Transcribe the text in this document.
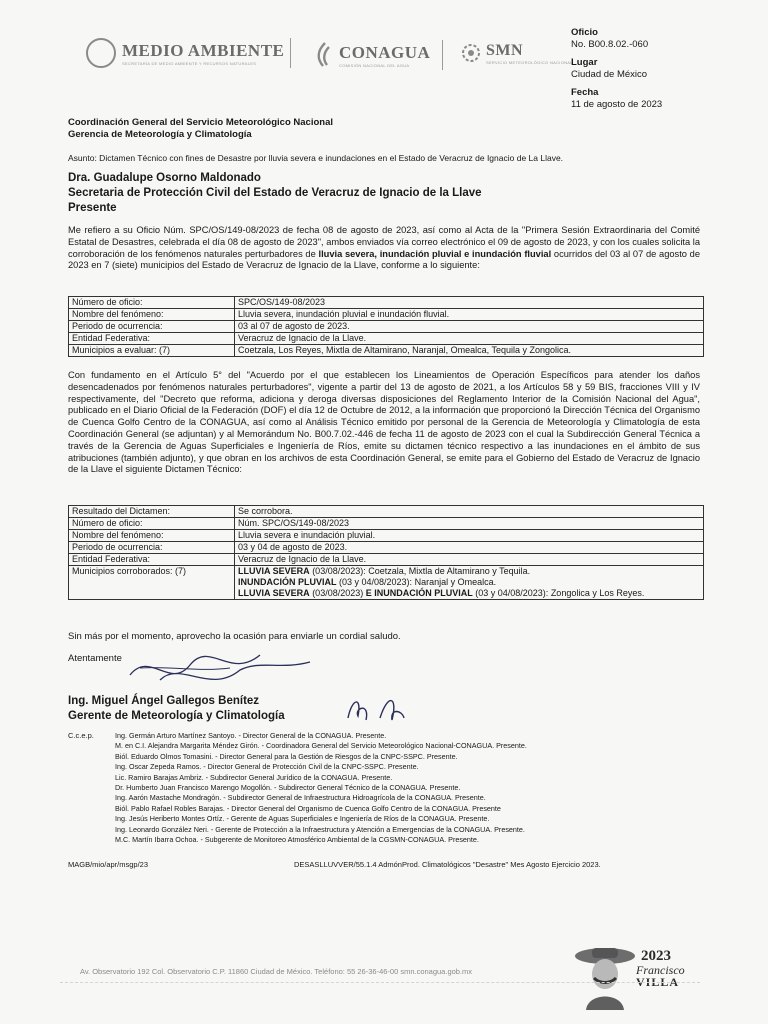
MEDIO AMBIENTE
SECRETARÍA DE MEDIO AMBIENTE Y RECURSOS NATURALES
CONAGUA
COMISIÓN NACIONAL DEL AGUA
SMN
SERVICIO METEOROLÓGICO NACIONAL
Oficio
No. B00.8.02.-060
Lugar
Ciudad de México
Fecha
11 de agosto de 2023
Coordinación General del Servicio Meteorológico Nacional
Gerencia de Meteorología y Climatología
Asunto: Dictamen Técnico con fines de Desastre por lluvia severa e inundaciones en el Estado de Veracruz de Ignacio de La Llave.
Dra. Guadalupe Osorno Maldonado
Secretaria de Protección Civil del Estado de Veracruz de Ignacio de la Llave
Presente
Me refiero a su Oficio Núm. SPC/OS/149-08/2023 de fecha 08 de agosto de 2023, así como al Acta de la "Primera Sesión Extraordinaria del Comité Estatal de Desastres, celebrada el día 08 de agosto de 2023", ambos enviados vía correo electrónico el 09 de agosto de 2023, y con los cuales solicita la corroboración de los fenómenos naturales perturbadores de lluvia severa, inundación pluvial e inundación fluvial ocurridos del 03 al 07 de agosto de 2023 en 7 (siete) municipios del Estado de Veracruz de Ignacio de la Llave, conforme a lo siguiente:
Número de oficio:	SPC/OS/149-08/2023
Nombre del fenómeno:	Lluvia severa, inundación pluvial e inundación fluvial.
Periodo de ocurrencia:	03 al 07 de agosto de 2023.
Entidad Federativa:	Veracruz de Ignacio de la Llave.
Municipios a evaluar: (7)	Coetzala, Los Reyes, Mixtla de Altamirano, Naranjal, Omealca, Tequila y Zongolica.
Con fundamento en el Artículo 5° del "Acuerdo por el que establecen los Lineamientos de Operación Específicos para atender los daños desencadenados por fenómenos naturales perturbadores", vigente a partir del 13 de agosto de 2021, a los Artículos 58 y 59 BIS, fracciones VIII y IV respectivamente, del "Decreto que reforma, adiciona y deroga diversas disposiciones del Reglamento Interior de la Comisión Nacional del Agua", publicado en el Diario Oficial de la Federación (DOF) el día 12 de Octubre de 2012, a la información que proporcionó la Dirección Técnica del Organismo de Cuenca Golfo Centro de la CONAGUA, así como al Análisis Técnico emitido por personal de la Gerencia de Meteorología y Climatología de esta Coordinación General (se adjuntan) y al Memorándum No. B00.7.02.-446 de fecha 11 de agosto de 2023 con el cual la Subdirección General Técnica a través de la Gerencia de Aguas Superficiales e Ingeniería de Ríos, emite su dictamen técnico respectivo a las inundaciones en el ámbito de sus atribuciones (también adjunto), y que obran en los archivos de esta Coordinación General, se emite para el Gobierno del Estado de Veracruz de Ignacio de la Llave el siguiente Dictamen Técnico:
Resultado del Dictamen:	Se corrobora.
Número de oficio:	Núm. SPC/OS/149-08/2023
Nombre del fenómeno:	Lluvia severa e inundación pluvial.
Periodo de ocurrencia:	03 y 04 de agosto de 2023.
Entidad Federativa:	Veracruz de Ignacio de la Llave.
Municipios corroborados: (7)	LLUVIA SEVERA (03/08/2023): Coetzala, Mixtla de Altamirano y Tequila.
INUNDACIÓN PLUVIAL (03 y 04/08/2023): Naranjal y Omealca.
LLUVIA SEVERA (03/08/2023) E INUNDACIÓN PLUVIAL (03 y 04/08/2023): Zongolica y Los Reyes.
Sin más por el momento, aprovecho la ocasión para enviarle un cordial saludo.
Atentamente
Ing. Miguel Ángel Gallegos Benítez
Gerente de Meteorología y Climatología
C.c.e.p.	Ing. Germán Arturo Martínez Santoyo. - Director General de la CONAGUA. Presente.
M. en C.I. Alejandra Margarita Méndez Girón. - Coordinadora General del Servicio Meteorológico Nacional-CONAGUA. Presente.
Biól. Eduardo Olmos Tomasini. - Director General para la Gestión de Riesgos de la CNPC-SSPC. Presente.
Ing. Oscar Zepeda Ramos. - Director General de Protección Civil de la CNPC-SSPC. Presente.
Lic. Ramiro Barajas Ambriz. - Subdirector General Jurídico de la CONAGUA. Presente.
Dr. Humberto Juan Francisco Marengo Mogollón. - Subdirector General Técnico de la CONAGUA. Presente.
Ing. Aarón Mastache Mondragón. - Subdirector General de Infraestructura Hidroagrícola de la CONAGUA. Presente.
Biól. Pablo Rafael Robles Barajas. - Director General del Organismo de Cuenca Golfo Centro de la CONAGUA. Presente
Ing. Jesús Heriberto Montes Ortíz. - Gerente de Aguas Superficiales e Ingeniería de Ríos de la CONAGUA. Presente.
Ing. Leonardo González Neri. - Gerente de Protección a la Infraestructura y Atención a Emergencias de la CONAGUA. Presente.
M.C. Martín Ibarra Ochoa. - Subgerente de Monitoreo Atmosférico Ambiental de la CGSMN-CONAGUA. Presente.
MAGB/mio/apr/msgp/23	DESASLLUVVER/55.1.4 AdmónProd. Climatológicos "Desastre" Mes Agosto Ejercicio 2023.
Av. Observatorio 192 Col. Observatorio C.P. 11860 Ciudad de México. Teléfono: 55 26-36-46-00 smn.conagua.gob.mx
2023
Francisco
VILLA
